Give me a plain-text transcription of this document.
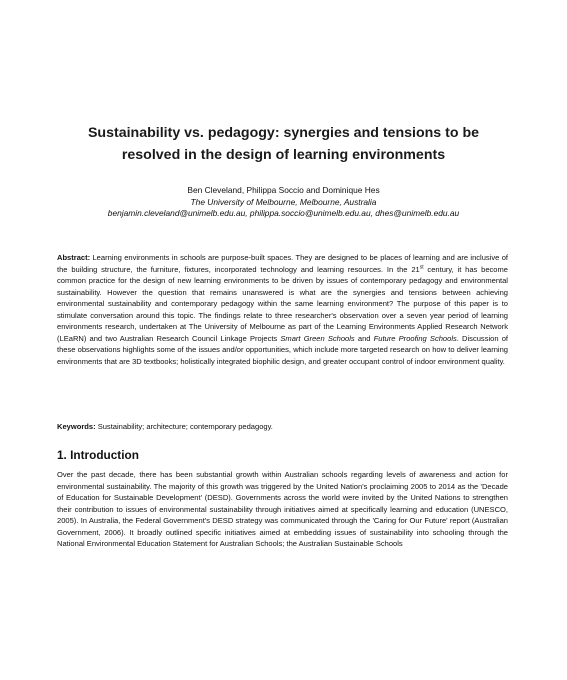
Sustainability vs. pedagogy: synergies and tensions to be
resolved in the design of learning environments
Ben Cleveland, Philippa Soccio and Dominique Hes
The University of Melbourne, Melbourne, Australia
benjamin.cleveland@unimelb.edu.au, philippa.soccio@unimelb.edu.au, dhes@unimelb.edu.au
Abstract: Learning environments in schools are purpose-built spaces. They are designed to be places of learning and are inclusive of the building structure, the furniture, fixtures, incorporated technology and learning resources. In the 21st century, it has become common practice for the design of new learning environments to be driven by issues of contemporary pedagogy and environmental sustainability. However the question that remains unanswered is what are the synergies and tensions between achieving environmental sustainability and contemporary pedagogy within the same learning environment? The purpose of this paper is to stimulate conversation around this topic. The findings relate to three researcher's observation over a seven year period of learning environments research, undertaken at The University of Melbourne as part of the Learning Environments Applied Research Network (LEaRN) and two Australian Research Council Linkage Projects Smart Green Schools and Future Proofing Schools. Discussion of these observations highlights some of the issues and/or opportunities, which include more targeted research on how to deliver learning environments that are 3D textbooks; holistically integrated biophilic design, and greater occupant control of indoor environment quality.
Keywords: Sustainability; architecture; contemporary pedagogy.
1. Introduction
Over the past decade, there has been substantial growth within Australian schools regarding levels of awareness and action for environmental sustainability. The majority of this growth was triggered by the United Nation's proclaiming 2005 to 2014 as the 'Decade of Education for Sustainable Development' (DESD). Governments across the world were invited by the United Nations to strengthen their contribution to issues of environmental sustainability through initiatives aimed at specifically learning and education (UNESCO, 2005). In Australia, the Federal Government's DESD strategy was communicated through the 'Caring for Our Future' report (Australian Government, 2006). It broadly outlined specific initiatives aimed at embedding issues of sustainability into schooling through the National Environmental Education Statement for Australian Schools; the Australian Sustainable Schools
